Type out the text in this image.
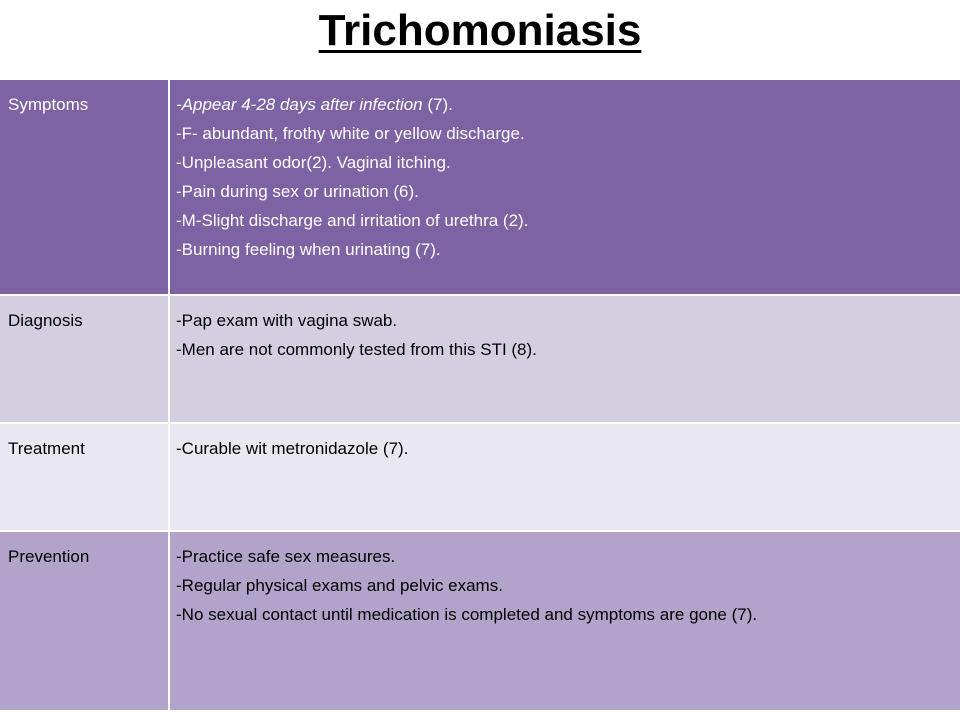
Trichomoniasis
Symptoms	-Appear 4-28 days after infection (7).
-F- abundant, frothy white or yellow discharge.
-Unpleasant odor(2). Vaginal itching.
-Pain during sex or urination (6).
-M-Slight discharge and irritation of urethra (2).
-Burning feeling when urinating (7).
Diagnosis	-Pap exam with vagina swab.
-Men are not commonly tested from this STI (8).
Treatment	-Curable wit metronidazole (7).
Prevention	-Practice safe sex measures.
-Regular physical exams and pelvic exams.
-No sexual contact until medication is completed and symptoms are gone (7).
